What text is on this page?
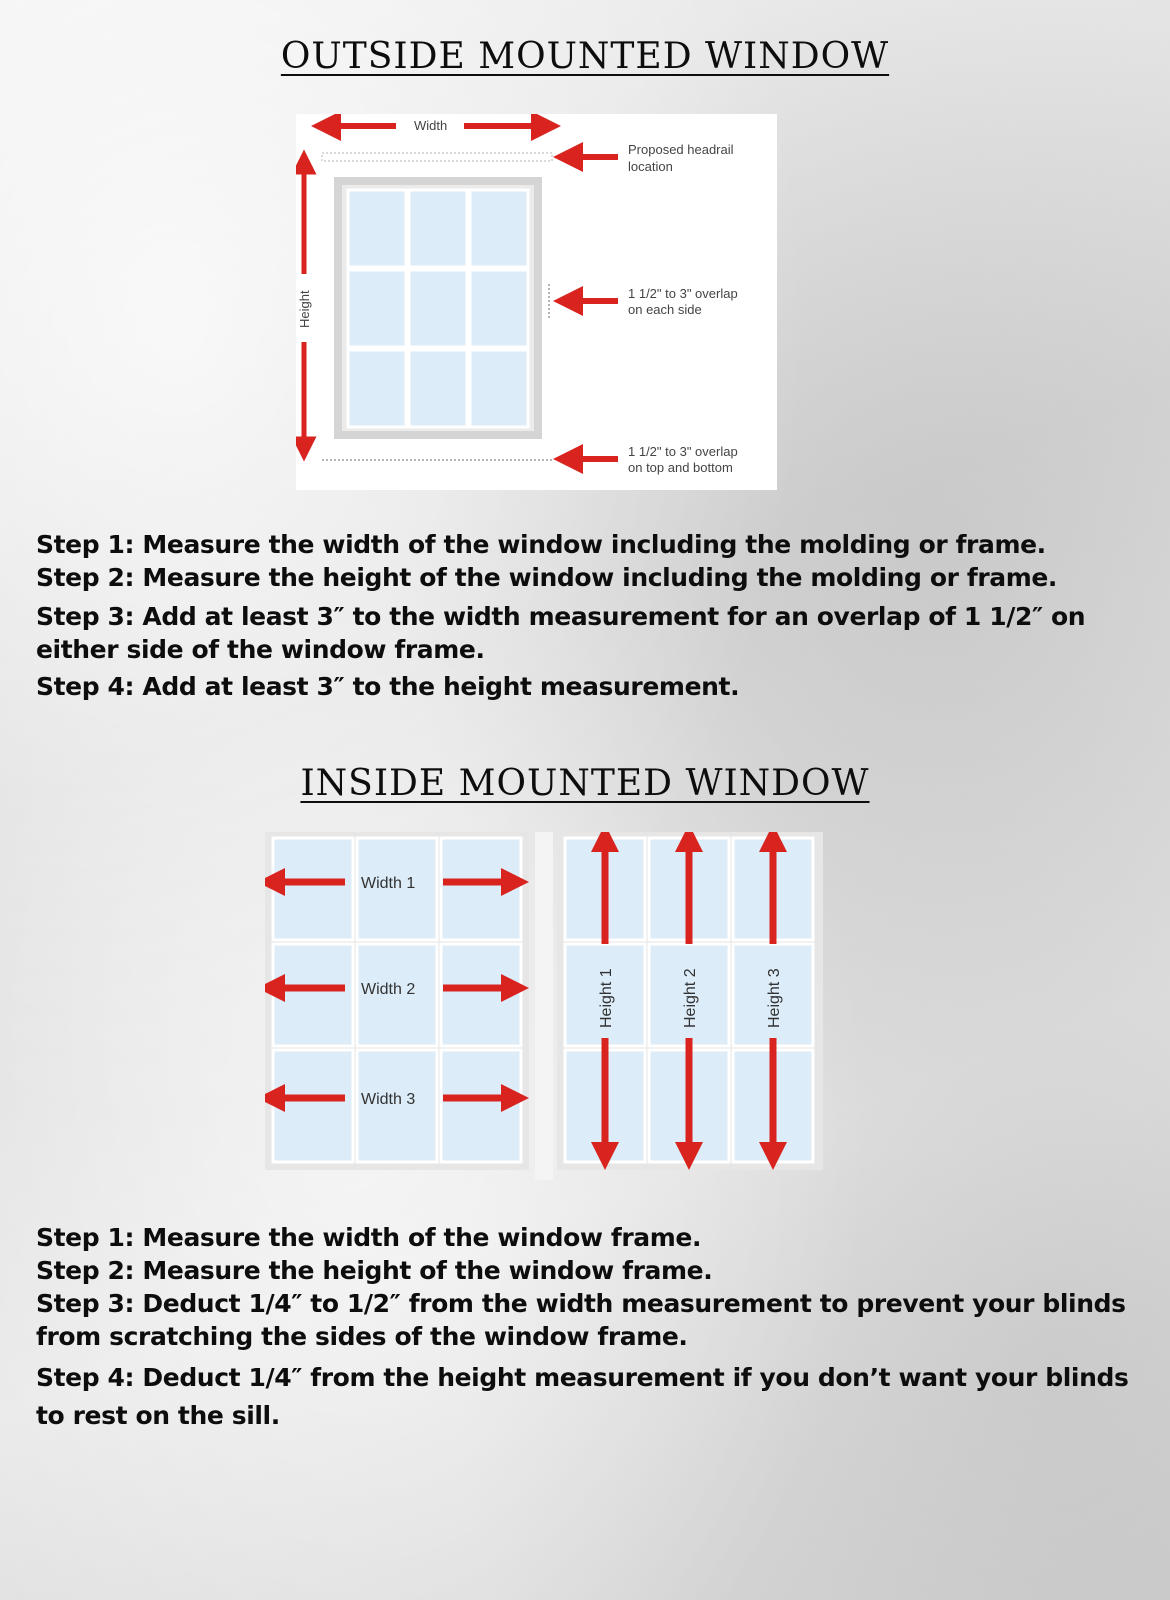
OUTSIDE MOUNTED WINDOW
Width
Height
Proposed headrail
location
1 1/2" to 3" overlap
on each side
1 1/2" to 3" overlap
on top and bottom

Step 1: Measure the width of the window including the molding or frame.

Step 2: Measure the height of the window including the molding or frame.

Step 3: Add at least 3″ to the width measurement for an overlap of 1 1/2″ on either side of the window frame.

Step 4: Add at least 3″ to the height measurement.

INSIDE MOUNTED WINDOW
Width 1
Width 2
Width 3
Height 1	Height 2	Height 3

Step 1: Measure the width of the window frame.

Step 2: Measure the height of the window frame.

Step 3: Deduct 1/4″ to 1/2″ from the width measurement to prevent your blinds from scratching the sides of the window frame.

Step 4: Deduct 1/4″ from the height measurement if you don’t want your blinds to rest on the sill.
